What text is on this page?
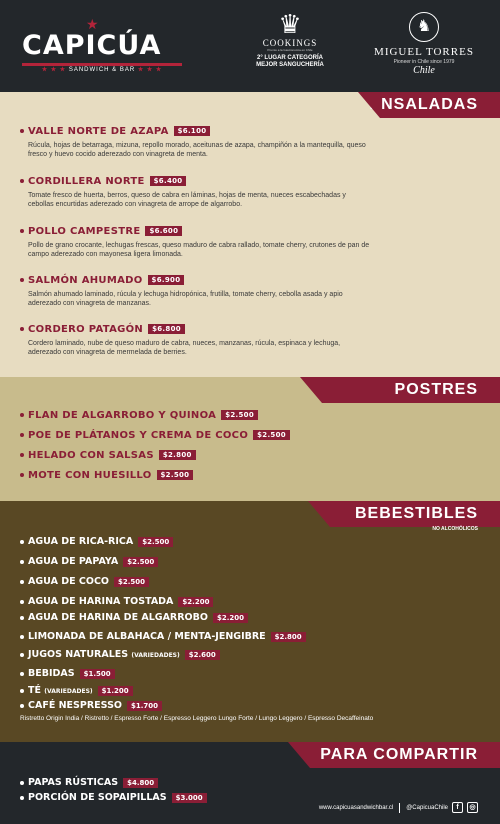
★
CAPICÚA
★ ★ ★ SANDWICH & BAR ★ ★ ★
♛
COOKINGS
Premio a la Gastronomía en Chile
2° LUGAR CATEGORÍA
MEJOR SANGUCHERÍA
♞
MIGUEL TORRES
Pioneer in Chile since 1979
Chile
ENSALADAS
VALLE NORTE DE AZAPA $6.100
Rúcula, hojas de betarraga, mizuna, repollo morado, aceitunas de azapa, champiñón a la mantequilla, queso fresco y huevo cocido aderezado con vinagreta de menta.
CORDILLERA NORTE $6.400
Tomate fresco de huerta, berros, queso de cabra en láminas, hojas de menta, nueces escabechadas y cebollas encurtidas aderezado con vinagreta de arrope de algarrobo.
POLLO CAMPESTRE $6.600
Pollo de grano crocante, lechugas frescas, queso maduro de cabra rallado, tomate cherry, crutones de pan de campo aderezado con mayonesa ligera limonada.
SALMÓN AHUMADO $6.900
Salmón ahumado laminado, rúcula y lechuga hidropónica, frutilla, tomate cherry, cebolla asada y apio aderezado con vinagreta de manzanas.
CORDERO PATAGÓN $6.800
Cordero laminado, nube de queso maduro de cabra, nueces, manzanas, rúcula, espinaca y lechuga, aderezado con vinagreta de mermelada de berries.
POSTRES
FLAN DE ALGARROBO Y QUINOA $2.500
POE DE PLÁTANOS Y CREMA DE COCO $2.500
HELADO CON SALSAS $2.800
MOTE CON HUESILLO $2.500
BEBESTIBLES
NO ALCOHÓLICOS
AGUA DE RICA-RICA $2.500
AGUA DE PAPAYA $2.500
AGUA DE COCO $2.500
AGUA DE HARINA TOSTADA $2.200
AGUA DE HARINA DE ALGARROBO $2.200
LIMONADA DE ALBAHACA / MENTA-JENGIBRE $2.800
JUGOS NATURALES (VARIEDADES) $2.600
BEBIDAS $1.500
TÉ (VARIEDADES) $1.200
CAFÉ NESPRESSO $1.700
Ristretto Origin India / Ristretto / Espresso Forte / Espresso Leggero Lungo Forte / Lungo Leggero / Espresso Decaffeinato
PARA COMPARTIR
PAPAS RÚSTICAS $4.800
PORCIÓN DE SOPAIPILLAS $3.000
www.capicuasandwichbar.cl @CapicuaChile	f	◎
